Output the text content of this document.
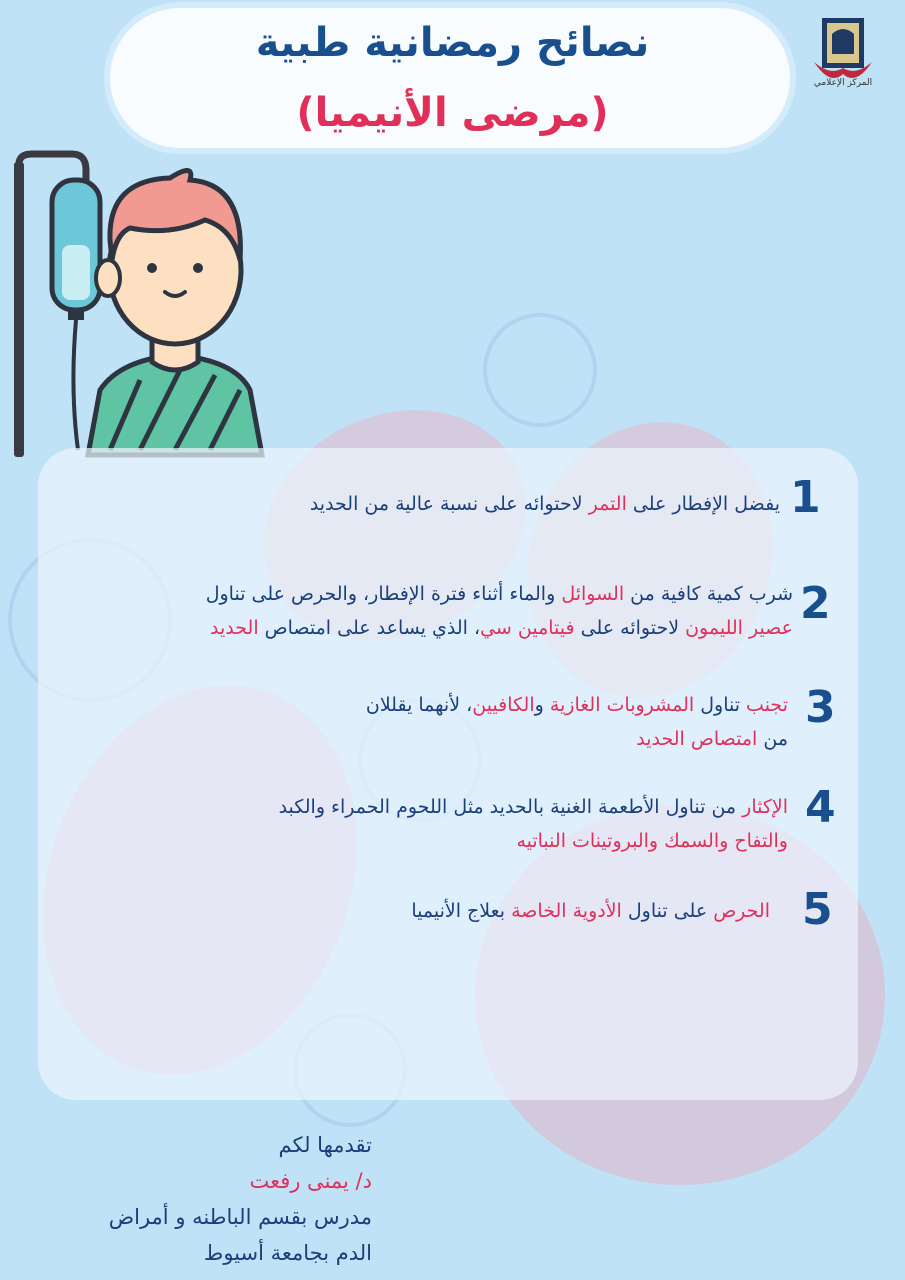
نصائح رمضانية طبية
(مرضى الأنيميا)
المركز الإعلامي
1
يفضل الإفطار على التمر لاحتوائه على نسبة عالية من الحديد
2
شرب كمية كافية من السوائل والماء أثناء فترة الإفطار، والحرص على تناول
عصير الليمون لاحتوائه على فيتامين سي، الذي يساعد على امتصاص الحديد
3
تجنب تناول المشروبات الغازية والكافيين، لأنهما يقللان
من امتصاص الحديد
4
الإكثار من تناول الأطعمة الغنية بالحديد مثل اللحوم الحمراء والكبد
والتفاح والسمك والبروتينات النباتيه
5
الحرص على تناول الأدوية الخاصة بعلاج الأنيميا
تقدمها لكم
د/ يمنى رفعت
مدرس بقسم الباطنه و أمراض
الدم بجامعة أسيوط
